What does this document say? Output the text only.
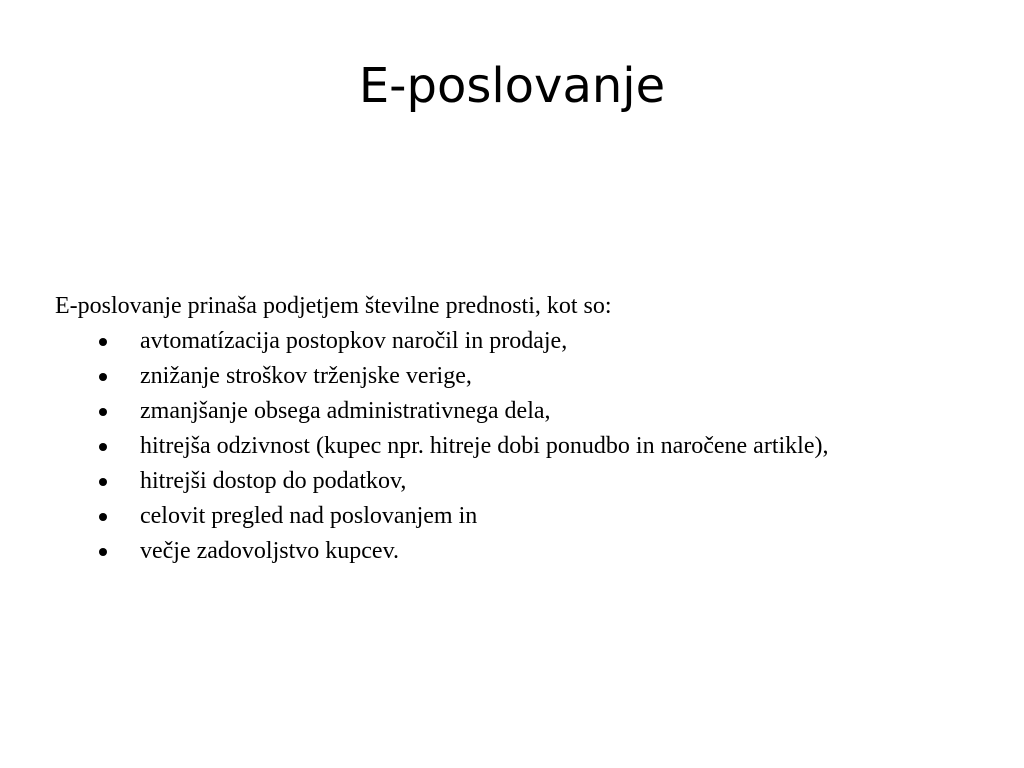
E-poslovanje

E-poslovanje prinaša podjetjem številne prednosti, kot so:

avtomatízacija postopkov naročil in prodaje,
znižanje stroškov trženjske verige,
zmanjšanje obsega administrativnega dela,
hitrejša odzivnost (kupec npr. hitreje dobi ponudbo in naročene artikle),
hitrejši dostop do podatkov,
celovit pregled nad poslovanjem in
večje zadovoljstvo kupcev.
